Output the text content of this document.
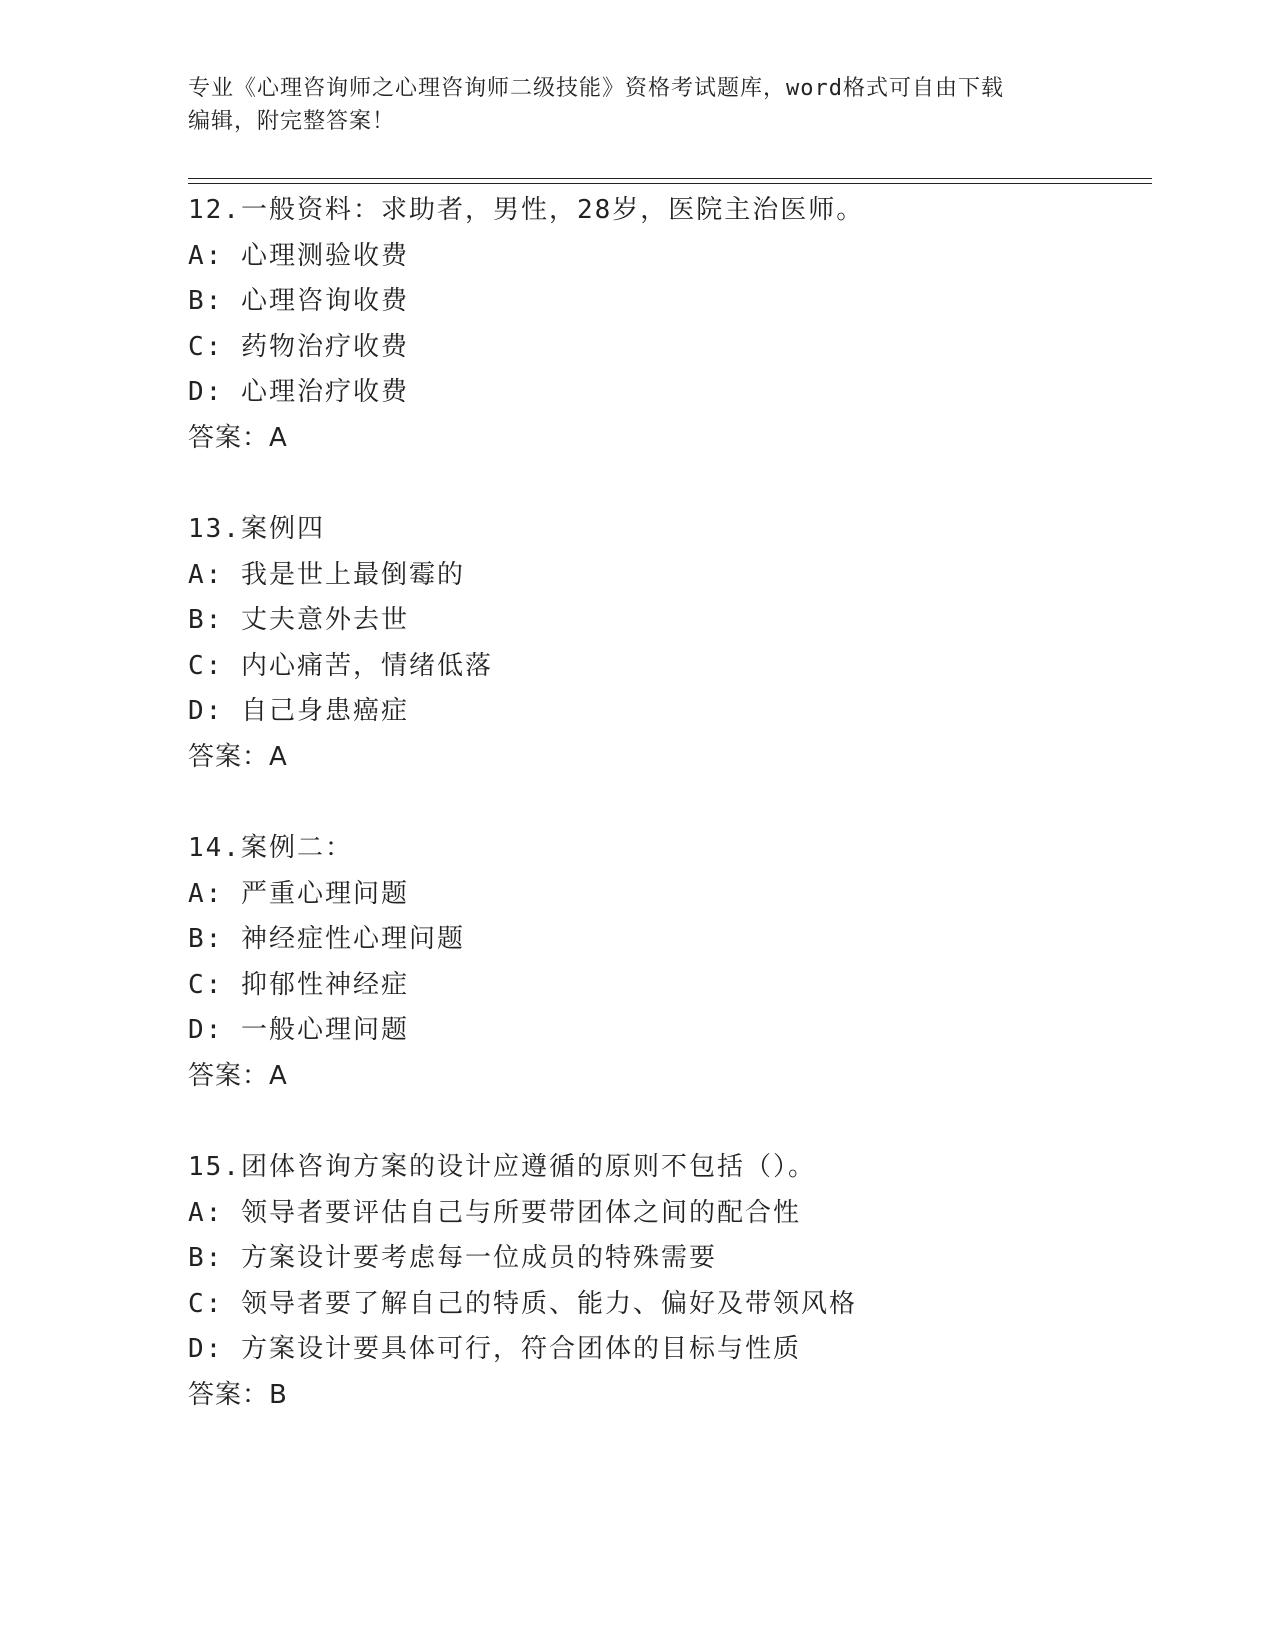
专业《心理咨询师之心理咨询师二级技能》资格考试题库，word格式可自由下载
编辑，附完整答案！
12.一般资料：求助者，男性，28岁，医院主治医师。
A: 心理测验收费
B: 心理咨询收费
C: 药物治疗收费
D: 心理治疗收费
答案：A
13.案例四
A: 我是世上最倒霉的
B: 丈夫意外去世
C: 内心痛苦，情绪低落
D: 自己身患癌症
答案：A
14.案例二：
A: 严重心理问题
B: 神经症性心理问题
C: 抑郁性神经症
D: 一般心理问题
答案：A
15.团体咨询方案的设计应遵循的原则不包括（）。
A: 领导者要评估自己与所要带团体之间的配合性
B: 方案设计要考虑每一位成员的特殊需要
C: 领导者要了解自己的特质、能力、偏好及带领风格
D: 方案设计要具体可行，符合团体的目标与性质
答案：B
